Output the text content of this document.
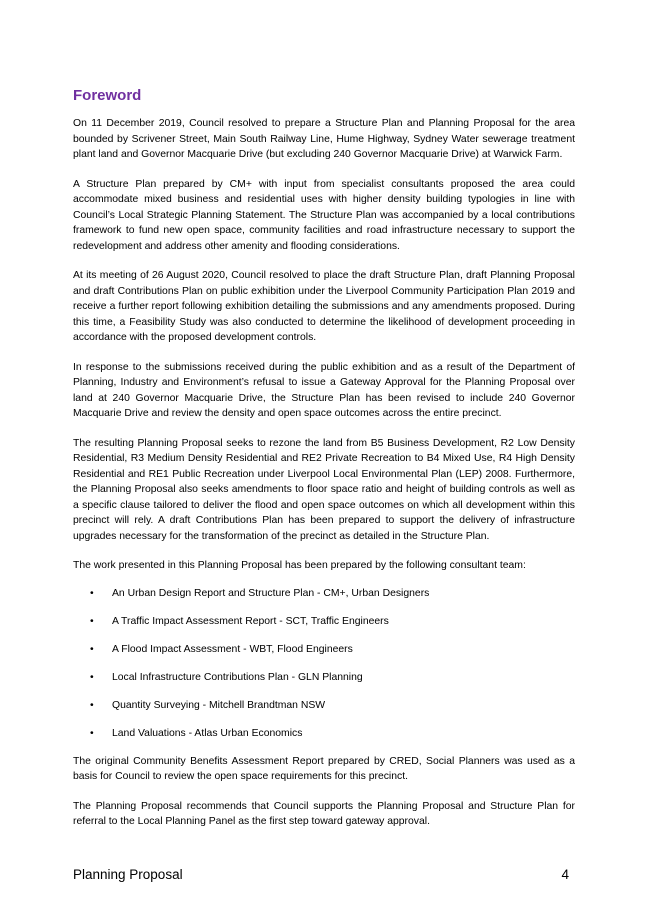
Foreword

On 11 December 2019, Council resolved to prepare a Structure Plan and Planning Proposal for the area bounded by Scrivener Street, Main South Railway Line, Hume Highway, Sydney Water sewerage treatment plant land and Governor Macquarie Drive (but excluding 240 Governor Macquarie Drive) at Warwick Farm.

A Structure Plan prepared by CM+ with input from specialist consultants proposed the area could accommodate mixed business and residential uses with higher density building typologies in line with Council’s Local Strategic Planning Statement. The Structure Plan was accompanied by a local contributions framework to fund new open space, community facilities and road infrastructure necessary to support the redevelopment and address other amenity and flooding considerations.

At its meeting of 26 August 2020, Council resolved to place the draft Structure Plan, draft Planning Proposal and draft Contributions Plan on public exhibition under the Liverpool Community Participation Plan 2019 and receive a further report following exhibition detailing the submissions and any amendments proposed. During this time, a Feasibility Study was also conducted to determine the likelihood of development proceeding in accordance with the proposed development controls.

In response to the submissions received during the public exhibition and as a result of the Department of Planning, Industry and Environment’s refusal to issue a Gateway Approval for the Planning Proposal over land at 240 Governor Macquarie Drive, the Structure Plan has been revised to include 240 Governor Macquarie Drive and review the density and open space outcomes across the entire precinct.

The resulting Planning Proposal seeks to rezone the land from B5 Business Development, R2 Low Density Residential, R3 Medium Density Residential and RE2 Private Recreation to B4 Mixed Use, R4 High Density Residential and RE1 Public Recreation under Liverpool Local Environmental Plan (LEP) 2008. Furthermore, the Planning Proposal also seeks amendments to floor space ratio and height of building controls as well as a specific clause tailored to deliver the flood and open space outcomes on which all development within this precinct will rely. A draft Contributions Plan has been prepared to support the delivery of infrastructure upgrades necessary for the transformation of the precinct as detailed in the Structure Plan.

The work presented in this Planning Proposal has been prepared by the following consultant team:

• An Urban Design Report and Structure Plan - CM+, Urban Designers
• A Traffic Impact Assessment Report - SCT, Traffic Engineers
• A Flood Impact Assessment - WBT, Flood Engineers
• Local Infrastructure Contributions Plan - GLN Planning
• Quantity Surveying - Mitchell Brandtman NSW
• Land Valuations - Atlas Urban Economics

The original Community Benefits Assessment Report prepared by CRED, Social Planners was used as a basis for Council to review the open space requirements for this precinct.

The Planning Proposal recommends that Council supports the Planning Proposal and Structure Plan for referral to the Local Planning Panel as the first step toward gateway approval.

Planning Proposal	4
